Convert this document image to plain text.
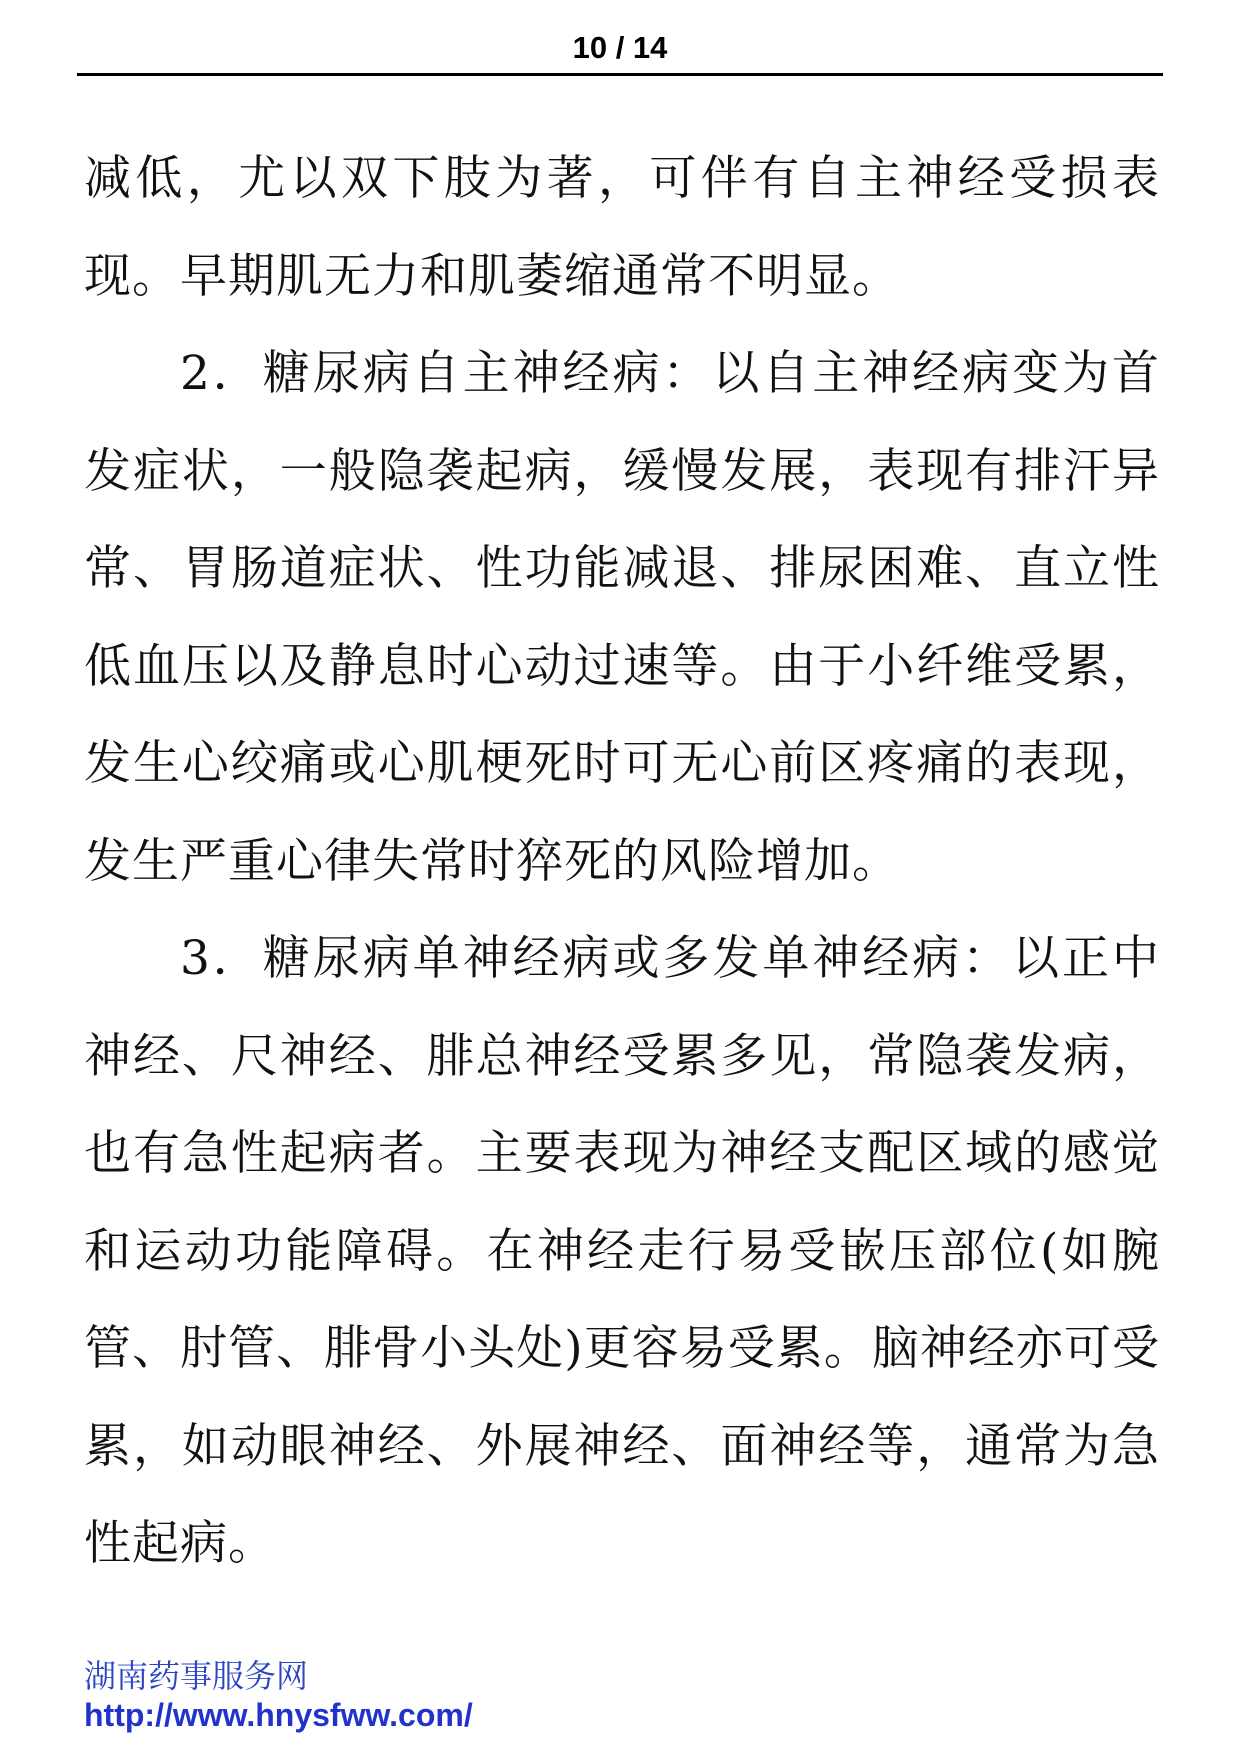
10 / 14

减低，尤以双下肢为著，可伴有自主神经受损表现。早期肌无力和肌萎缩通常不明显。

2．糖尿病自主神经病：以自主神经病变为首发症状，一般隐袭起病，缓慢发展，表现有排汗异常、胃肠道症状、性功能减退、排尿困难、直立性低血压以及静息时心动过速等。由于小纤维受累，发生心绞痛或心肌梗死时可无心前区疼痛的表现，发生严重心律失常时猝死的风险增加。

3．糖尿病单神经病或多发单神经病：以正中神经、尺神经、腓总神经受累多见，常隐袭发病，也有急性起病者。主要表现为神经支配区域的感觉和运动功能障碍。在神经走行易受嵌压部位(如腕管、肘管、腓骨小头处)更容易受累。脑神经亦可受累，如动眼神经、外展神经、面神经等，通常为急性起病。

湖南药事服务网
http://www.hnysfww.com/
